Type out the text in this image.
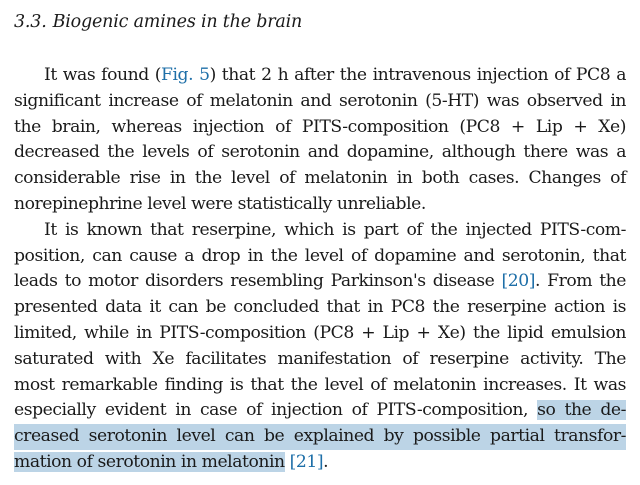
3.3. Biogenic amines in the brain
It was found (Fig. 5) that 2 h after the intravenous injection of PC8 a
significant increase of melatonin and serotonin (5-HT) was observed in
the brain, whereas injection of PITS-composition (PC8 + Lip + Xe)
decreased the levels of serotonin and dopamine, although there was a
considerable rise in the level of melatonin in both cases. Changes of
norepinephrine level were statistically unreliable.
It is known that reserpine, which is part of the injected PITS-com-
position, can cause a drop in the level of dopamine and serotonin, that
leads to motor disorders resembling Parkinson's disease [20]. From the
presented data it can be concluded that in PC8 the reserpine action is
limited, while in PITS-composition (PC8 + Lip + Xe) the lipid emulsion
saturated with Xe facilitates manifestation of reserpine activity. The
most remarkable finding is that the level of melatonin increases. It was
especially evident in case of injection of PITS-composition, so the de-
creased serotonin level can be explained by possible partial transfor-
mation of serotonin in melatonin [21].
